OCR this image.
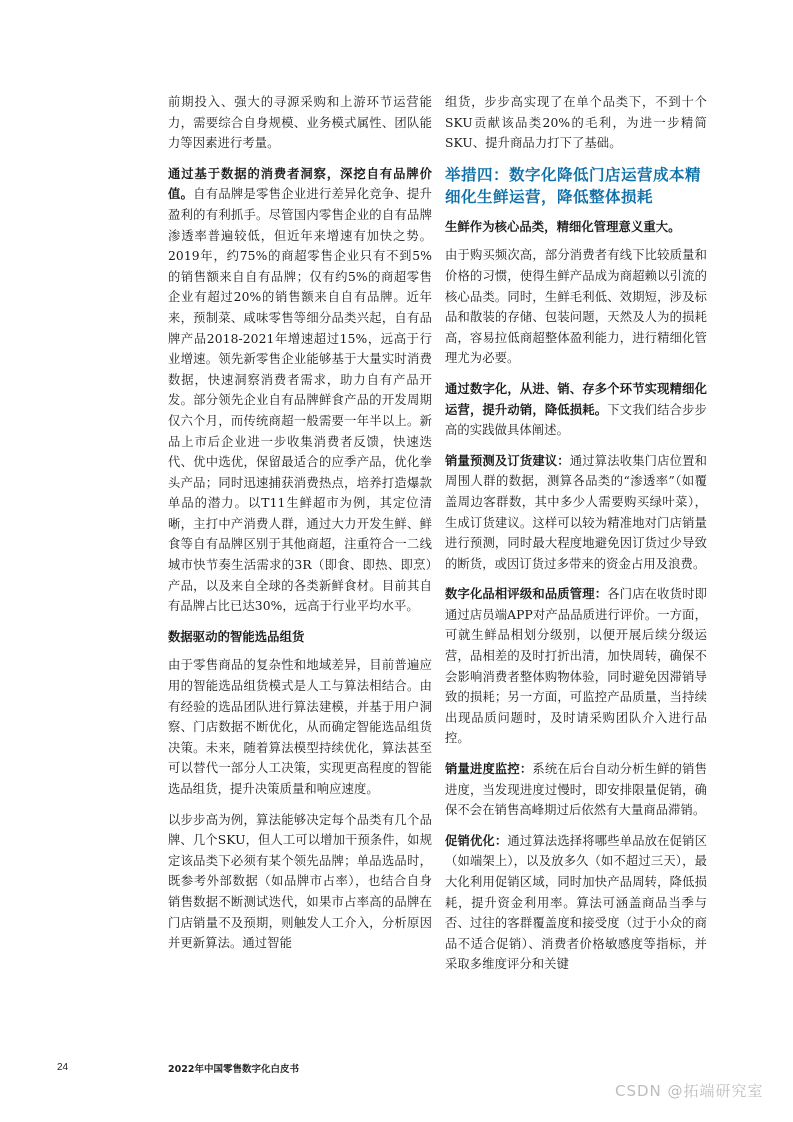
前期投入、强大的寻源采购和上游环节运营能力，需要综合自身规模、业务模式属性、团队能力等因素进行考量。

通过基于数据的消费者洞察，深挖自有品牌价值。自有品牌是零售企业进行差异化竞争、提升盈利的有利抓手。尽管国内零售企业的自有品牌渗透率普遍较低，但近年来增速有加快之势。2019年，约75%的商超零售企业只有不到5%的销售额来自自有品牌；仅有约5%的商超零售企业有超过20%的销售额来自自有品牌。近年来，预制菜、咸味零售等细分品类兴起，自有品牌产品2018-2021年增速超过15%，远高于行业增速。领先新零售企业能够基于大量实时消费数据，快速洞察消费者需求，助力自有产品开发。部分领先企业自有品牌鲜食产品的开发周期仅六个月，而传统商超一般需要一年半以上。新品上市后企业进一步收集消费者反馈，快速迭代、优中选优，保留最适合的应季产品，优化拳头产品；同时迅速捕获消费热点，培养打造爆款单品的潜力。以T11生鲜超市为例，其定位清晰，主打中产消费人群，通过大力开发生鲜、鲜食等自有品牌区别于其他商超，注重符合一二线城市快节奏生活需求的3R（即食、即热、即烹）产品，以及来自全球的各类新鲜食材。目前其自有品牌占比已达30%，远高于行业平均水平。

数据驱动的智能选品组货

由于零售商品的复杂性和地域差异，目前普遍应用的智能选品组货模式是人工与算法相结合。由有经验的选品团队进行算法建模，并基于用户洞察、门店数据不断优化，从而确定智能选品组货决策。未来，随着算法模型持续优化，算法甚至可以替代一部分人工决策，实现更高程度的智能选品组货，提升决策质量和响应速度。

以步步高为例，算法能够决定每个品类有几个品牌、几个SKU，但人工可以增加干预条件，如规定该品类下必须有某个领先品牌；单品选品时，既参考外部数据（如品牌市占率），也结合自身销售数据不断测试迭代，如果市占率高的品牌在门店销量不及预期，则触发人工介入，分析原因并更新算法。通过智能

组货，步步高实现了在单个品类下，不到十个SKU贡献该品类20%的毛利，为进一步精简SKU、提升商品力打下了基础。

举措四：数字化降低门店运营成本精细化生鲜运营，降低整体损耗
生鲜作为核心品类，精细化管理意义重大。

由于购买频次高，部分消费者有线下比较质量和价格的习惯，使得生鲜产品成为商超赖以引流的核心品类。同时，生鲜毛利低、效期短，涉及标品和散装的存储、包装问题，天然及人为的损耗高，容易拉低商超整体盈利能力，进行精细化管理尤为必要。

通过数字化，从进、销、存多个环节实现精细化运营，提升动销，降低损耗。下文我们结合步步高的实践做具体阐述。

销量预测及订货建议：通过算法收集门店位置和周围人群的数据，测算各品类的“渗透率”（如覆盖周边客群数，其中多少人需要购买绿叶菜），生成订货建议。这样可以较为精准地对门店销量进行预测，同时最大程度地避免因订货过少导致的断货，或因订货过多带来的资金占用及浪费。

数字化品相评级和品质管理：各门店在收货时即通过店员端APP对产品品质进行评价。一方面，可就生鲜品相划分级别，以便开展后续分级运营，品相差的及时打折出清，加快周转，确保不会影响消费者整体购物体验，同时避免因滞销导致的损耗；另一方面，可监控产品质量，当持续出现品质问题时，及时请采购团队介入进行品控。

销量进度监控：系统在后台自动分析生鲜的销售进度，当发现进度过慢时，即安排限量促销，确保不会在销售高峰期过后依然有大量商品滞销。

促销优化：通过算法选择将哪些单品放在促销区（如端架上），以及放多久（如不超过三天），最大化利用促销区域，同时加快产品周转，降低损耗，提升资金利用率。算法可涵盖商品当季与否、过往的客群覆盖度和接受度（过于小众的商品不适合促销）、消费者价格敏感度等指标，并采取多维度评分和关键

24	2022年中国零售数字化白皮书
CSDN @拓端研究室
